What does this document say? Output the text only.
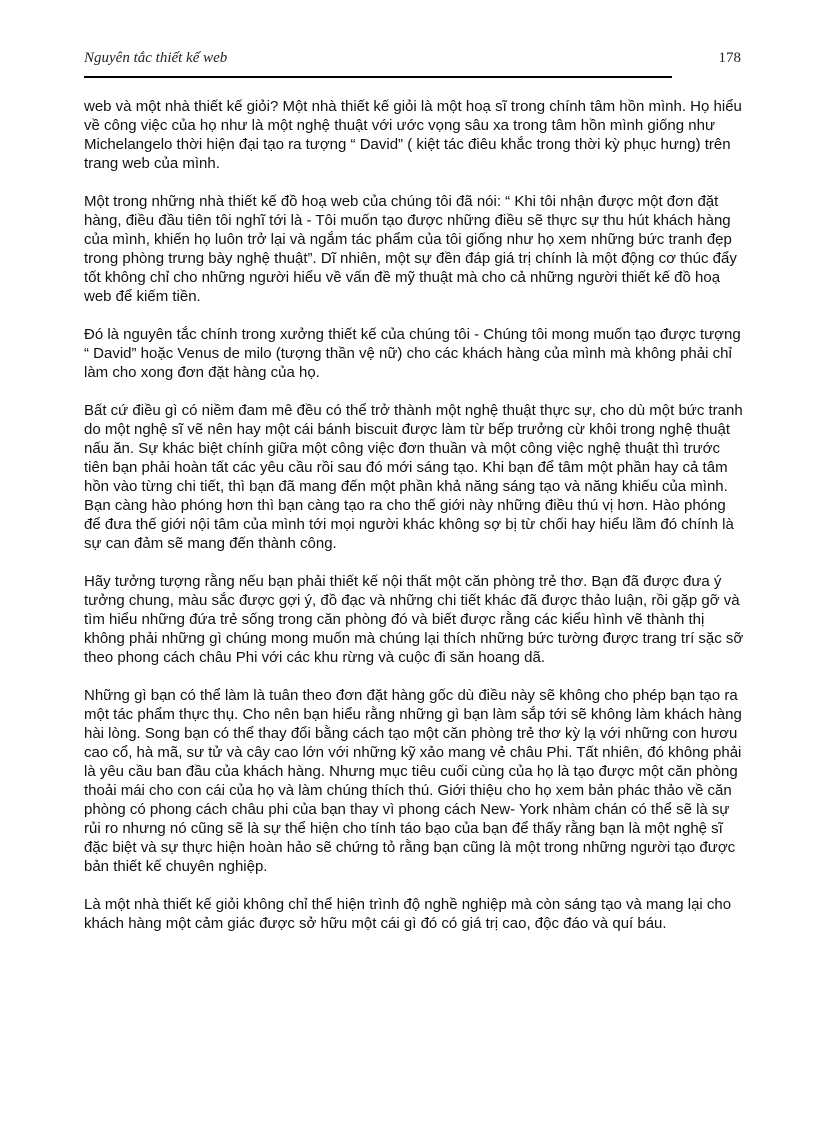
Nguyên tắc thiết kế web	178

web và một nhà thiết kế giỏi? Một nhà thiết kế giỏi là một hoạ sĩ trong chính tâm hồn mình. Họ hiểu về công việc của họ như là một nghệ thuật với ước vọng sâu xa trong tâm hồn mình giống như Michelangelo thời hiện đại tạo ra tượng “ David” ( kiệt tác điêu khắc trong thời kỳ phục hưng) trên trang web của mình.

Một trong những nhà thiết kế đồ hoạ web của chúng tôi đã nói: “ Khi tôi nhận được một đơn đặt hàng, điều đầu tiên tôi nghĩ tới là - Tôi muốn tạo được những điều sẽ thực sự thu hút khách hàng của mình, khiến họ luôn trở lại và ngắm tác phẩm của tôi giống như họ xem những bức tranh đẹp trong phòng trưng bày nghệ thuật”. Dĩ nhiên, một sự đền đáp giá trị chính là một động cơ thúc đẩy tốt không chỉ cho những người hiểu về vấn đề mỹ thuật mà cho cả những người thiết kế đồ hoạ web để kiếm tiền.

Đó là nguyên tắc chính trong xưởng thiết kế của chúng tôi - Chúng tôi mong muốn tạo được tượng “ David” hoặc Venus de milo (tượng thần vệ nữ) cho các khách hàng của mình mà không phải chỉ làm cho xong đơn đặt hàng của họ.

Bất cứ điều gì có niềm đam mê đều có thể trở thành một nghệ thuật thực sự, cho dù một bức tranh do một nghệ sĩ vẽ nên hay một cái bánh biscuit được làm từ bếp trưởng cừ khôi trong nghệ thuật nấu ăn. Sự khác biệt chính giữa một công việc đơn thuần và một công việc nghệ thuật thì trước tiên bạn phải hoàn tất các yêu cầu rồi sau đó mới sáng tạo. Khi bạn để tâm một phần hay cả tâm hồn vào từng chi tiết, thì bạn đã mang đến một phần khả năng sáng tạo và năng khiếu của mình. Bạn càng hào phóng hơn thì bạn càng tạo ra cho thế giới này những điều thú vị hơn. Hào phóng để đưa thế giới nội tâm của mình tới mọi người khác không sợ bị từ chối hay hiểu lầm đó chính là sự can đảm sẽ mang đến thành công.

Hãy tưởng tượng rằng nếu bạn phải thiết kế nội thất một căn phòng trẻ thơ. Bạn đã được đưa ý tưởng chung, màu sắc được gợi ý, đồ đạc và những chi tiết khác đã được thảo luận, rồi gặp gỡ và tìm hiểu những đứa trẻ sống trong căn phòng đó và biết được rằng các kiểu hình vẽ thành thị không phải những gì chúng mong muốn mà chúng lại thích những bức tường được trang trí sặc sỡ theo phong cách châu Phi với các khu rừng và cuộc đi săn hoang dã.

Những gì bạn có thể làm là tuân theo đơn đặt hàng gốc dù điều này sẽ không cho phép bạn tạo ra một tác phẩm thực thụ. Cho nên bạn hiểu rằng những gì bạn làm sắp tới sẽ không làm khách hàng hài lòng. Song bạn có thể thay đổi bằng cách tạo một căn phòng trẻ thơ kỳ lạ với những con hươu cao cổ, hà mã, sư tử và cây cao lớn với những kỹ xảo mang vẻ châu Phi. Tất nhiên, đó không phải là yêu cầu ban đầu của khách hàng. Nhưng mục tiêu cuối cùng của họ là tạo được một căn phòng thoải mái cho con cái của họ và làm chúng thích thú. Giới thiệu cho họ xem bản phác thảo về căn phòng có phong cách châu phi của bạn thay vì phong cách New- York nhàm chán có thể sẽ là sự rủi ro nhưng nó cũng sẽ là sự thể hiện cho tính táo bạo của bạn để thấy rằng bạn là một nghệ sĩ đặc biệt và sự thực hiện hoàn hảo sẽ chứng tỏ rằng bạn cũng là một trong những người tạo được bản thiết kế chuyên nghiệp.

Là một nhà thiết kế giỏi không chỉ thể hiện trình độ nghề nghiệp mà còn sáng tạo và mang lại cho khách hàng một cảm giác được sở hữu một cái gì đó có giá trị cao, độc đáo và quí báu.
